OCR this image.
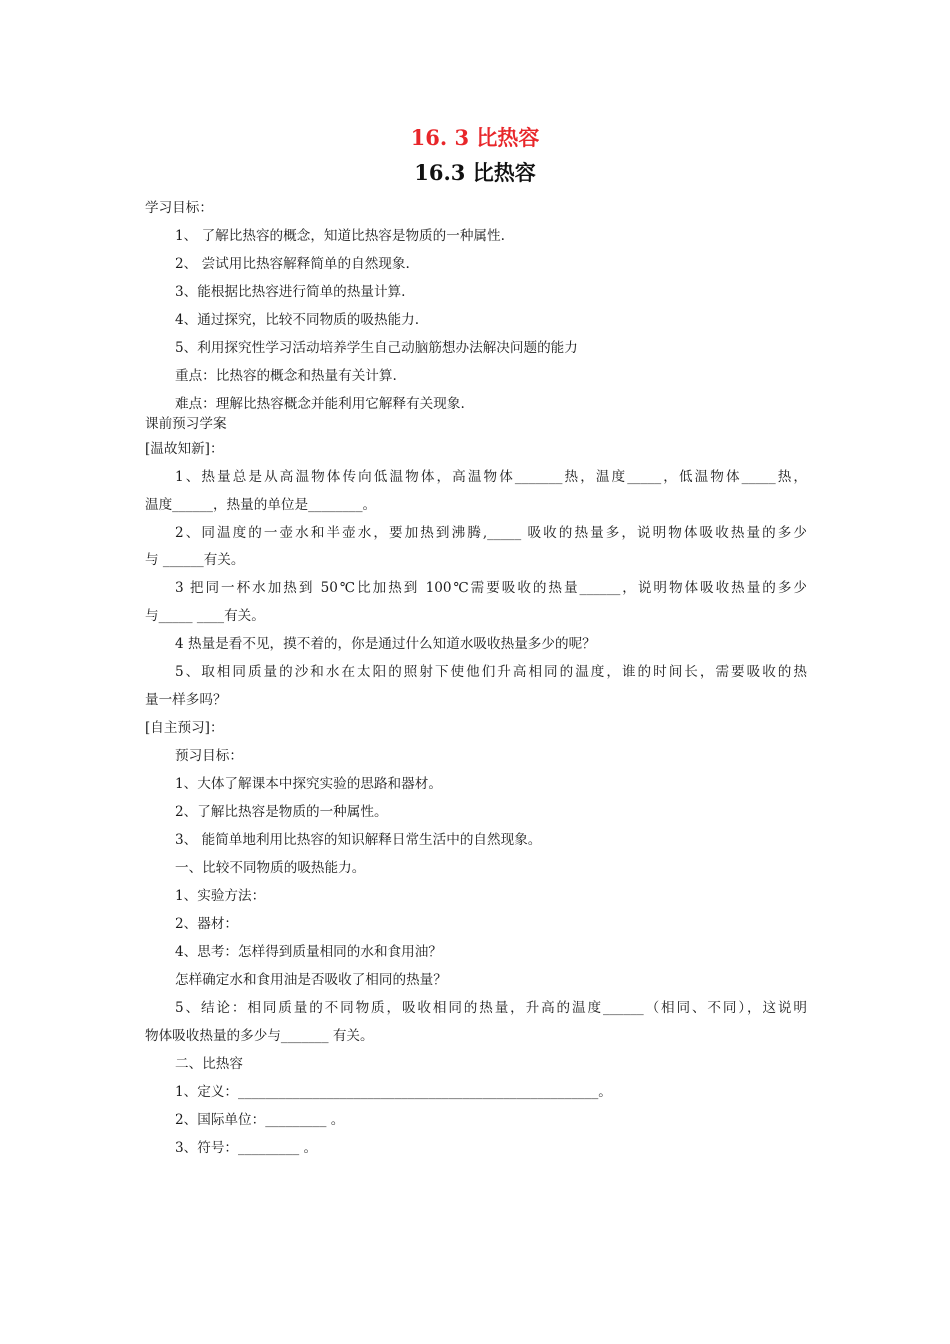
16. 3 比热容
16.3 比热容
学习目标：
1、 了解比热容的概念，知道比热容是物质的一种属性.
2、 尝试用比热容解释简单的自然现象.
3、能根据比热容进行简单的热量计算.
4、通过探究，比较不同物质的吸热能力.
5、利用探究性学习活动培养学生自己动脑筋想办法解决问题的能力
重点：比热容的概念和热量有关计算.
难点：理解比热容概念并能利用它解释有关现象.
课前预习学案
[温故知新]：
1、热量总是从高温物体传向低温物体，高温物体_______热，温度_____，低温物体_____热，
温度______，热量的单位是________。
2、同温度的一壶水和半壶水，要加热到沸腾,_____ 吸收的热量多，说明物体吸收热量的多少
与 ______有关。
3 把同一杯水加热到 50℃比加热到 100℃需要吸收的热量______，说明物体吸收热量的多少
与_____ ____有关。
4 热量是看不见，摸不着的，你是通过什么知道水吸收热量多少的呢？
5、取相同质量的沙和水在太阳的照射下使他们升高相同的温度，谁的时间长，需要吸收的热
量一样多吗？
[自主预习]：
预习目标：
1、大体了解课本中探究实验的思路和器材。
2、了解比热容是物质的一种属性。
3、 能简单地利用比热容的知识解释日常生活中的自然现象。
一、比较不同物质的吸热能力。
1、实验方法：
2、器材：
4、思考：怎样得到质量相同的水和食用油？
怎样确定水和食用油是否吸收了相同的热量？
5、结论：相同质量的不同物质，吸收相同的热量，升高的温度______（相同、不同），这说明
物体吸收热量的多少与_______ 有关。
二、比热容
1、定义：_____________________________________________________。
2、国际单位：_________ 。
3、符号：_________ 。
